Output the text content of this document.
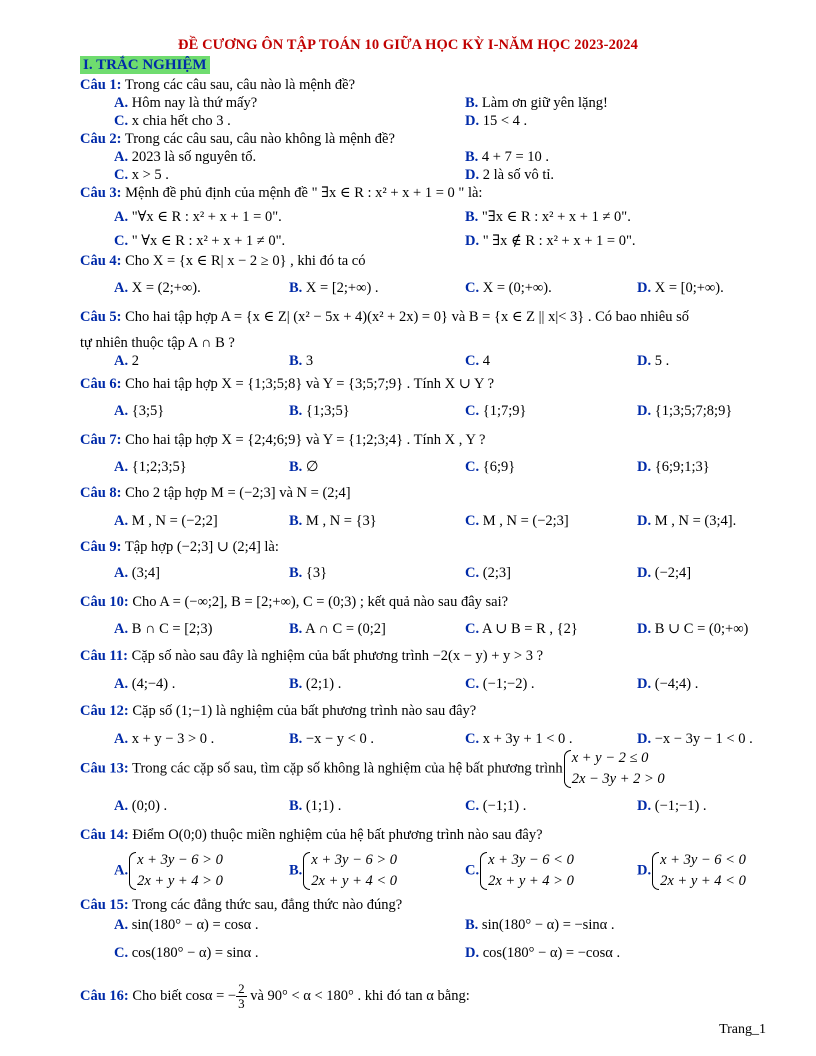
ĐỀ CƯƠNG ÔN TẬP TOÁN 10 GIỮA HỌC KỲ I-NĂM HỌC 2023-2024
I. TRẮC NGHIỆM
Câu 1: Trong các câu sau, câu nào là mệnh đề?
A. Hôm nay là thứ mấy?	B. Làm ơn giữ yên lặng!
C. x chia hết cho 3 .	D. 15 < 4 .
Câu 2: Trong các câu sau, câu nào không là mệnh đề?
A. 2023 là số nguyên tố.	B. 4 + 7 = 10 .
C. x > 5 .	D. 2 là số vô tỉ.
Câu 3: Mệnh đề phủ định của mệnh đề " ∃x ∈ R : x² + x + 1 = 0 " là:
A. "∀x ∈ R : x² + x + 1 = 0".	B. "∃x ∈ R : x² + x + 1 ≠ 0".
C. " ∀x ∈ R : x² + x + 1 ≠ 0".	D. " ∃x ∉ R : x² + x + 1 = 0".
Câu 4: Cho X = {x ∈ R| x − 2 ≥ 0} , khi đó ta có
A. X = (2;+∞).	B. X = [2;+∞) .	C. X = (0;+∞).	D. X = [0;+∞).
Câu 5: Cho hai tập hợp A = {x ∈ Z| (x² − 5x + 4)(x² + 2x) = 0} và B = {x ∈ Z || x|< 3} . Có bao nhiêu số
tự nhiên thuộc tập A ∩ B ?
A. 2	B. 3	C. 4	D. 5 .
Câu 6: Cho hai tập hợp X = {1;3;5;8} và Y = {3;5;7;9} . Tính X ∪ Y ?
A. {3;5}	B. {1;3;5}	C. {1;7;9}	D. {1;3;5;7;8;9}
Câu 7: Cho hai tập hợp X = {2;4;6;9} và Y = {1;2;3;4} . Tính X , Y ?
A. {1;2;3;5}	B. ∅	C. {6;9}	D. {6;9;1;3}
Câu 8: Cho 2 tập hợp M = (−2;3] và N = (2;4]
A. M , N = (−2;2]	B. M , N = {3}	C. M , N = (−2;3]	D. M , N = (3;4].
Câu 9: Tập hợp (−2;3] ∪ (2;4] là:
A. (3;4]	B. {3}	C. (2;3]	D. (−2;4]
Câu 10: Cho A = (−∞;2], B = [2;+∞), C = (0;3) ; kết quả nào sau đây sai?
A. B ∩ C = [2;3)	B. A ∩ C = (0;2]	C. A ∪ B = R , {2}	D. B ∪ C = (0;+∞)
Câu 11: Cặp số nào sau đây là nghiệm của bất phương trình −2(x − y) + y > 3 ?
A. (4;−4) .	B. (2;1) .	C. (−1;−2) .	D. (−4;4) .
Câu 12: Cặp số (1;−1) là nghiệm của bất phương trình nào sau đây?
A. x + y − 3 > 0 .	B. −x − y < 0 .	C. x + 3y + 1 < 0 .	D. −x − 3y − 1 < 0 .
Câu 13: Trong các cặp số sau, tìm cặp số không là nghiệm của hệ bất phương trình
x + y − 2 ≤ 0
2x − 3y + 2 > 0
A. (0;0) .	B. (1;1) .	C. (−1;1) .	D. (−1;−1) .
Câu 14: Điểm O(0;0) thuộc miền nghiệm của hệ bất phương trình nào sau đây?
A.
x + 3y − 6 > 0
2x + y + 4 > 0
B.
x + 3y − 6 > 0
2x + y + 4 < 0
C.
x + 3y − 6 < 0
2x + y + 4 > 0
D.
x + 3y − 6 < 0
2x + y + 4 < 0
Câu 15: Trong các đẳng thức sau, đẳng thức nào đúng?
A. sin(180° − α) = cosα .	B. sin(180° − α) = −sinα .
C. cos(180° − α) = sinα .	D. cos(180° − α) = −cosα .
Câu 16: Cho biết cosα = − $\frac{2}{3}$ và 90° < α < 180° . khi đó tan α bằng:
Trang_1
